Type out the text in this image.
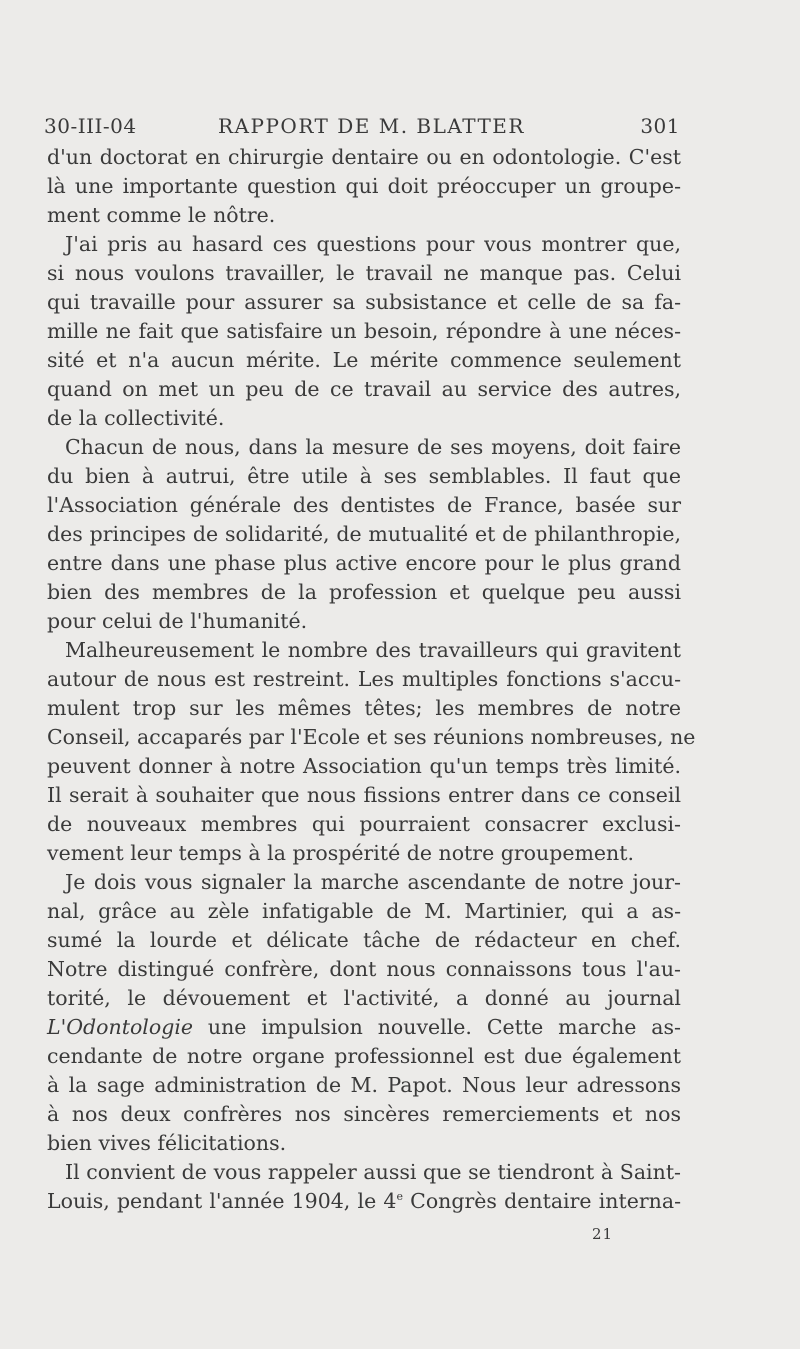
30-III-04	RAPPORT DE M. BLATTER	301
d'un doctorat en chirurgie dentaire ou en odontologie. C'est
là une importante question qui doit préoccuper un groupe-
ment comme le nôtre.
J'ai pris au hasard ces questions pour vous montrer que,
si nous voulons travailler, le travail ne manque pas. Celui
qui travaille pour assurer sa subsistance et celle de sa fa-
mille ne fait que satisfaire un besoin, répondre à une néces-
sité et n'a aucun mérite. Le mérite commence seulement
quand on met un peu de ce travail au service des autres,
de la collectivité.
Chacun de nous, dans la mesure de ses moyens, doit faire
du bien à autrui, être utile à ses semblables. Il faut que
l'Association générale des dentistes de France, basée sur
des principes de solidarité, de mutualité et de philanthropie,
entre dans une phase plus active encore pour le plus grand
bien des membres de la profession et quelque peu aussi
pour celui de l'humanité.
Malheureusement le nombre des travailleurs qui gravitent
autour de nous est restreint. Les multiples fonctions s'accu-
mulent trop sur les mêmes têtes; les membres de notre
Conseil, accaparés par l'Ecole et ses réunions nombreuses, ne
peuvent donner à notre Association qu'un temps très limité.
Il serait à souhaiter que nous fissions entrer dans ce conseil
de nouveaux membres qui pourraient consacrer exclusi-
vement leur temps à la prospérité de notre groupement.
Je dois vous signaler la marche ascendante de notre jour-
nal, grâce au zèle infatigable de M. Martinier, qui a as-
sumé la lourde et délicate tâche de rédacteur en chef.
Notre distingué confrère, dont nous connaissons tous l'au-
torité, le dévouement et l'activité, a donné au journal
L'Odontologie une impulsion nouvelle. Cette marche as-
cendante de notre organe professionnel est due également
à la sage administration de M. Papot. Nous leur adressons
à nos deux confrères nos sincères remerciements et nos
bien vives félicitations.
Il convient de vous rappeler aussi que se tiendront à Saint-
Louis, pendant l'année 1904, le 4e Congrès dentaire interna-
21
